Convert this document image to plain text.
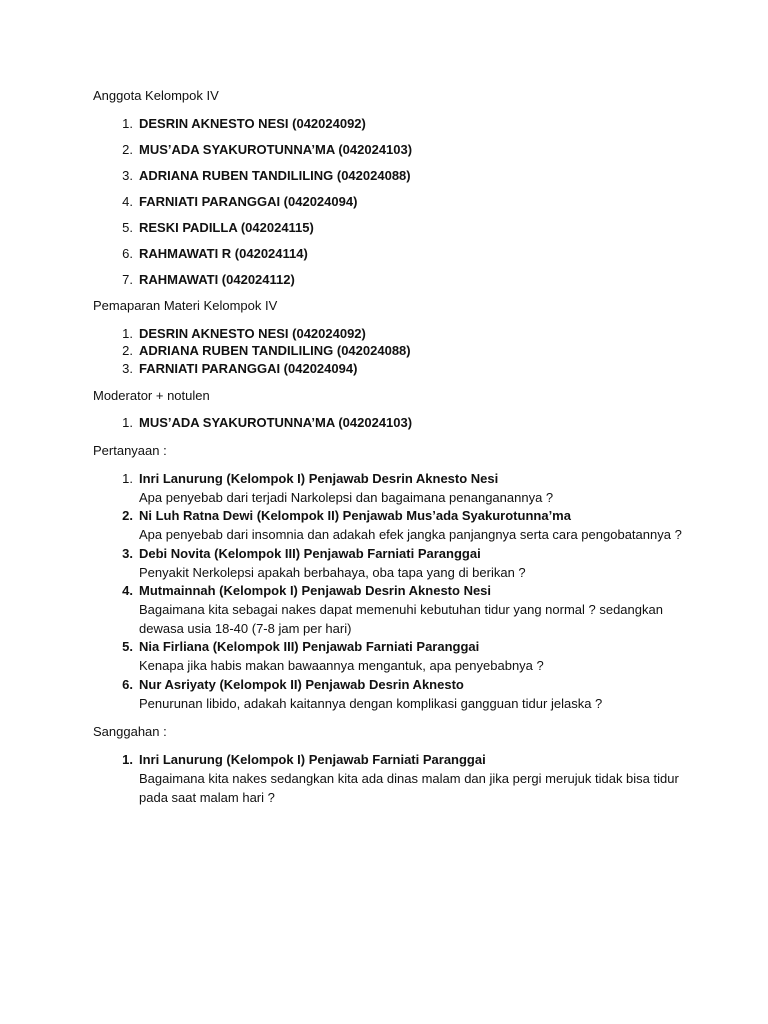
Anggota Kelompok IV

1. DESRIN AKNESTO NESI (042024092)
2. MUS’ADA SYAKUROTUNNA’MA (042024103)
3. ADRIANA RUBEN TANDILILING (042024088)
4. FARNIATI PARANGGAI (042024094)
5. RESKI PADILLA (042024115)
6. RAHMAWATI R (042024114)
7. RAHMAWATI (042024112)

Pemaparan Materi Kelompok IV

1. DESRIN AKNESTO NESI (042024092)
2. ADRIANA RUBEN TANDILILING (042024088)
3. FARNIATI PARANGGAI (042024094)

Moderator + notulen

1. MUS’ADA SYAKUROTUNNA’MA (042024103)

Pertanyaan :

1. Inri Lanurung (Kelompok I) Penjawab Desrin Aknesto Nesi
Apa penyebab dari terjadi Narkolepsi dan bagaimana penanganannya ?
2. Ni Luh Ratna Dewi (Kelompok II) Penjawab Mus’ada Syakurotunna’ma
Apa penyebab dari insomnia dan adakah efek jangka panjangnya serta cara pengobatannya ?
3. Debi Novita (Kelompok III) Penjawab Farniati Paranggai
Penyakit Nerkolepsi apakah berbahaya, oba tapa yang di berikan ?
4. Mutmainnah (Kelompok I) Penjawab Desrin Aknesto Nesi
Bagaimana kita sebagai nakes dapat memenuhi kebutuhan tidur yang normal ? sedangkan dewasa usia 18-40 (7-8 jam per hari)
5. Nia Firliana (Kelompok III) Penjawab Farniati Paranggai
Kenapa jika habis makan bawaannya mengantuk, apa penyebabnya ?
6. Nur Asriyaty (Kelompok II) Penjawab Desrin Aknesto
Penurunan libido, adakah kaitannya dengan komplikasi gangguan tidur jelaska ?

Sanggahan :

1. Inri Lanurung (Kelompok I) Penjawab Farniati Paranggai
Bagaimana kita nakes sedangkan kita ada dinas malam dan jika pergi merujuk tidak bisa tidur pada saat malam hari ?
